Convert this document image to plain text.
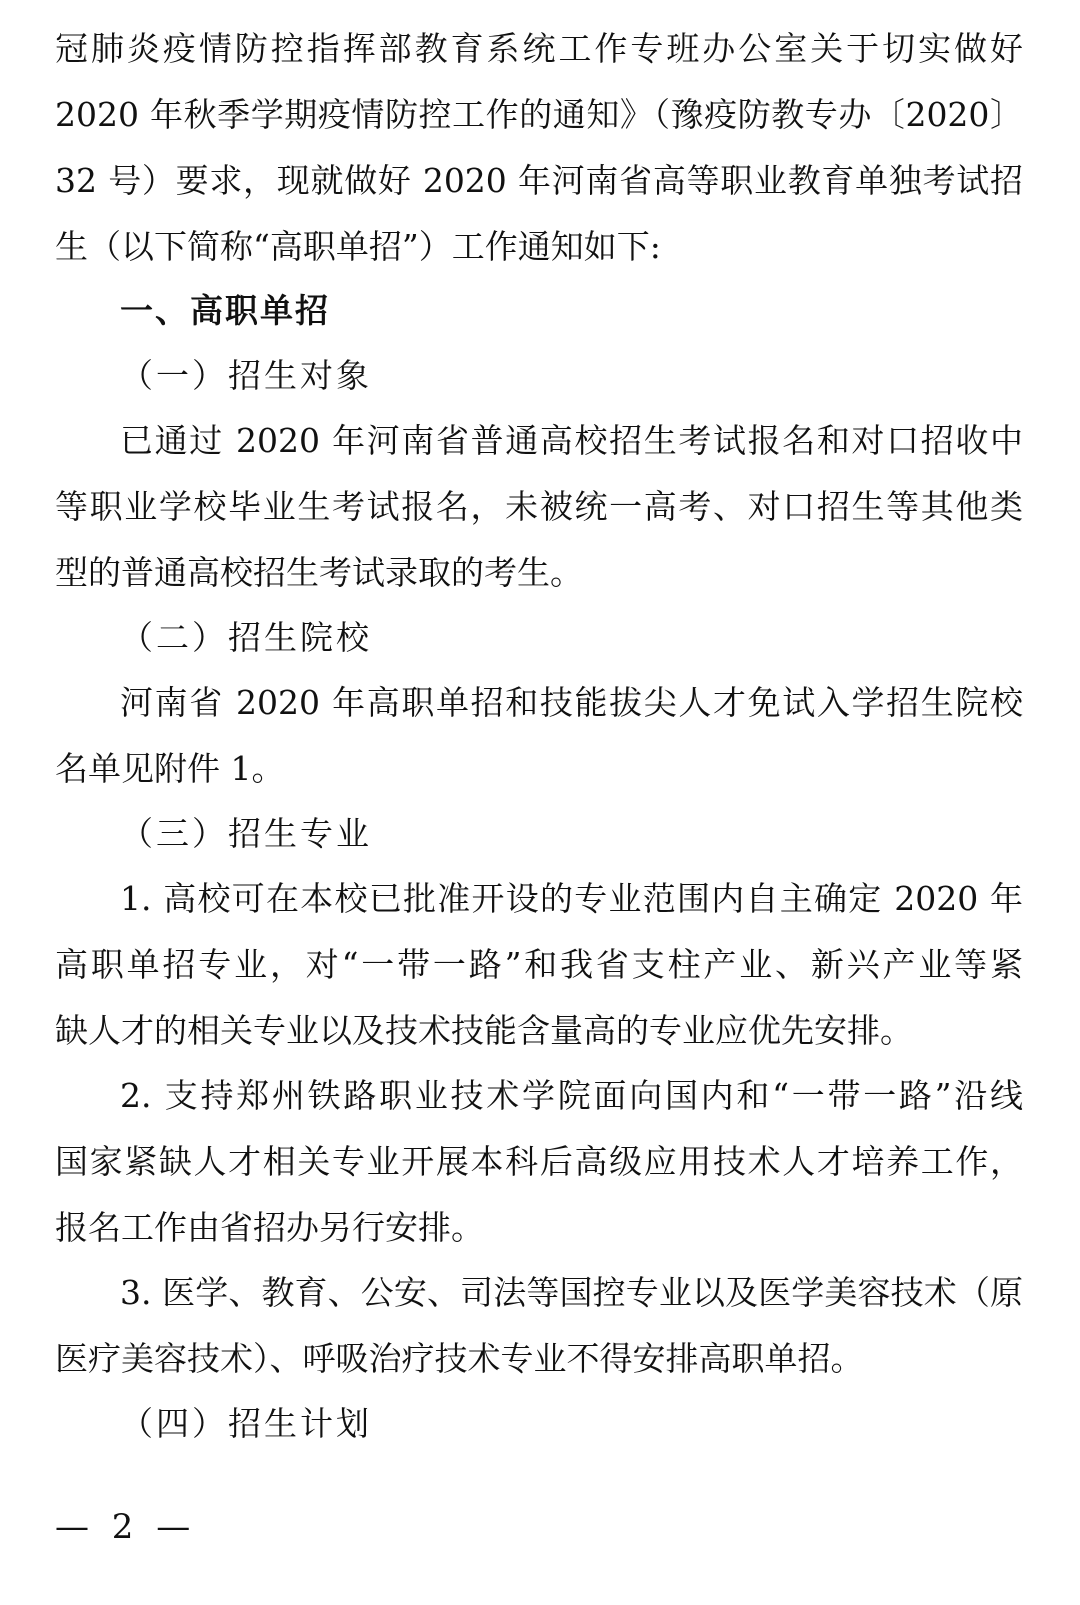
冠肺炎疫情防控指挥部教育系统工作专班办公室关于切实做好
2020 年秋季学期疫情防控工作的通知》（豫疫防教专办〔2020〕
32 号）要求，现就做好 2020 年河南省高等职业教育单独考试招
生（以下简称“高职单招”）工作通知如下:
一、高职单招
（一）招生对象
已通过 2020 年河南省普通高校招生考试报名和对口招收中
等职业学校毕业生考试报名，未被统一高考、对口招生等其他类
型的普通高校招生考试录取的考生。
（二）招生院校
河南省 2020 年高职单招和技能拔尖人才免试入学招生院校
名单见附件 1。
（三）招生专业
1. 高校可在本校已批准开设的专业范围内自主确定 2020 年
高职单招专业，对“一带一路”和我省支柱产业、新兴产业等紧
缺人才的相关专业以及技术技能含量高的专业应优先安排。
2. 支持郑州铁路职业技术学院面向国内和“一带一路”沿线
国家紧缺人才相关专业开展本科后高级应用技术人才培养工作，
报名工作由省招办另行安排。
3. 医学、教育、公安、司法等国控专业以及医学美容技术（原
医疗美容技术）、呼吸治疗技术专业不得安排高职单招。
（四）招生计划
— 2 —
